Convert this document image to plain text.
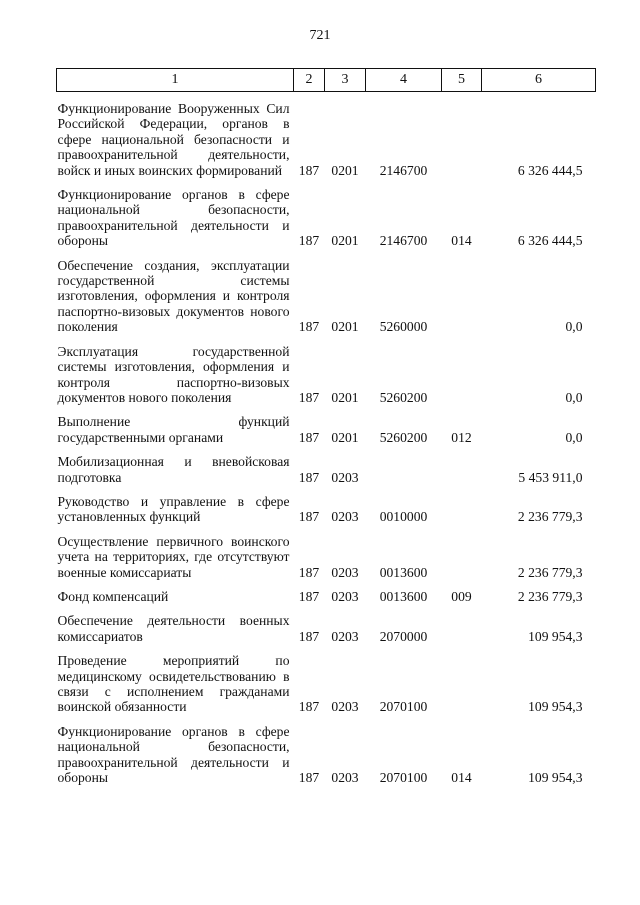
721
1	2	3	4	5	6
Функционирование Вооруженных Сил Российской Федерации, органов в сфере национальной безопасности и правоохранительной деятельности, войск и иных воинских формирований	187	0201	2146700		6 326 444,5
Функционирование органов в сфере национальной безопасности, правоохранительной деятельности и обороны	187	0201	2146700	014	6 326 444,5
Обеспечение создания, эксплуатации государственной системы изготовления, оформления и контроля паспортно-визовых документов нового поколения	187	0201	5260000		0,0
Эксплуатация государственной системы изготовления, оформления и контроля паспортно-визовых документов нового поколения	187	0201	5260200		0,0
Выполнение функций государственными органами	187	0201	5260200	012	0,0
Мобилизационная и вневойсковая подготовка	187	0203			5 453 911,0
Руководство и управление в сфере установленных функций	187	0203	0010000		2 236 779,3
Осуществление первичного воинского учета на территориях, где отсутствуют военные комиссариаты	187	0203	0013600		2 236 779,3
Фонд компенсаций	187	0203	0013600	009	2 236 779,3
Обеспечение деятельности военных комиссариатов	187	0203	2070000		109 954,3
Проведение мероприятий по медицинскому освидетельствованию в связи с исполнением гражданами воинской обязанности	187	0203	2070100		109 954,3
Функционирование органов в сфере национальной безопасности, правоохранительной деятельности и обороны	187	0203	2070100	014	109 954,3
